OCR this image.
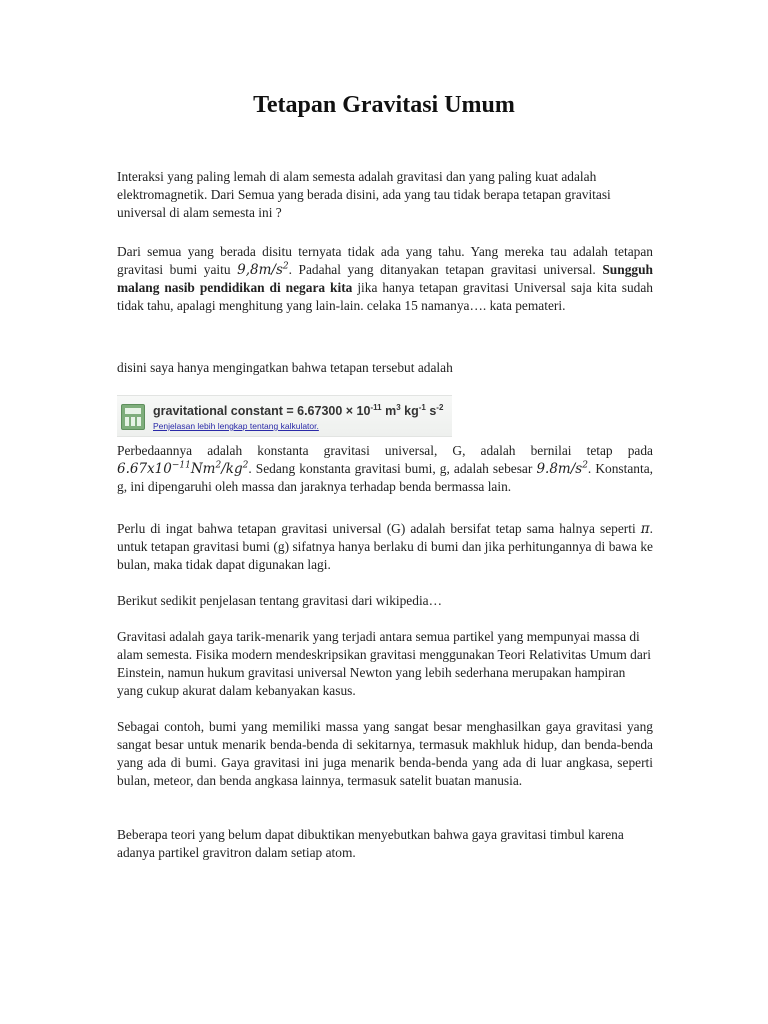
Tetapan Gravitasi Umum

Interaksi yang paling lemah di alam semesta adalah gravitasi dan yang paling kuat adalah elektromagnetik. Dari Semua yang berada disini, ada yang tau tidak berapa tetapan gravitasi universal di alam semesta ini ?

Dari semua yang berada disitu ternyata tidak ada yang tahu. Yang mereka tau adalah tetapan gravitasi bumi yaitu $9,8m/s^2$. Padahal yang ditanyakan tetapan gravitasi universal. Sungguh malang nasib pendidikan di negara kita jika hanya tetapan gravitasi Universal saja kita sudah tidak tahu, apalagi menghitung yang lain-lain. celaka 15 namanya…. kata pemateri.

disini saya hanya mengingatkan bahwa tetapan tersebut adalah

gravitational constant = $6.67300 \times 10^{-11}$ $m^3$ $kg^{-1}$ $s^{-2}$
Penjelasan lebih lengkap tentang kalkulator.

Perbedaannya adalah konstanta gravitasi universal, G, adalah bernilai tetap pada $6.67x10^{-11}Nm^2/kg^2$. Sedang konstanta gravitasi bumi, g, adalah sebesar $9.8m/s^2$. Konstanta, g, ini dipengaruhi oleh massa dan jaraknya terhadap benda bermassa lain.

Perlu di ingat bahwa tetapan gravitasi universal (G) adalah bersifat tetap sama halnya seperti π. untuk tetapan gravitasi bumi (g) sifatnya hanya berlaku di bumi dan jika perhitungannya di bawa ke bulan, maka tidak dapat digunakan lagi.

Berikut sedikit penjelasan tentang gravitasi dari wikipedia…

Gravitasi adalah gaya tarik-menarik yang terjadi antara semua partikel yang mempunyai massa di alam semesta. Fisika modern mendeskripsikan gravitasi menggunakan Teori Relativitas Umum dari Einstein, namun hukum gravitasi universal Newton yang lebih sederhana merupakan hampiran yang cukup akurat dalam kebanyakan kasus.

Sebagai contoh, bumi yang memiliki massa yang sangat besar menghasilkan gaya gravitasi yang sangat besar untuk menarik benda-benda di sekitarnya, termasuk makhluk hidup, dan benda-benda yang ada di bumi. Gaya gravitasi ini juga menarik benda-benda yang ada di luar angkasa, seperti bulan, meteor, dan benda angkasa lainnya, termasuk satelit buatan manusia.

Beberapa teori yang belum dapat dibuktikan menyebutkan bahwa gaya gravitasi timbul karena adanya partikel gravitron dalam setiap atom.
